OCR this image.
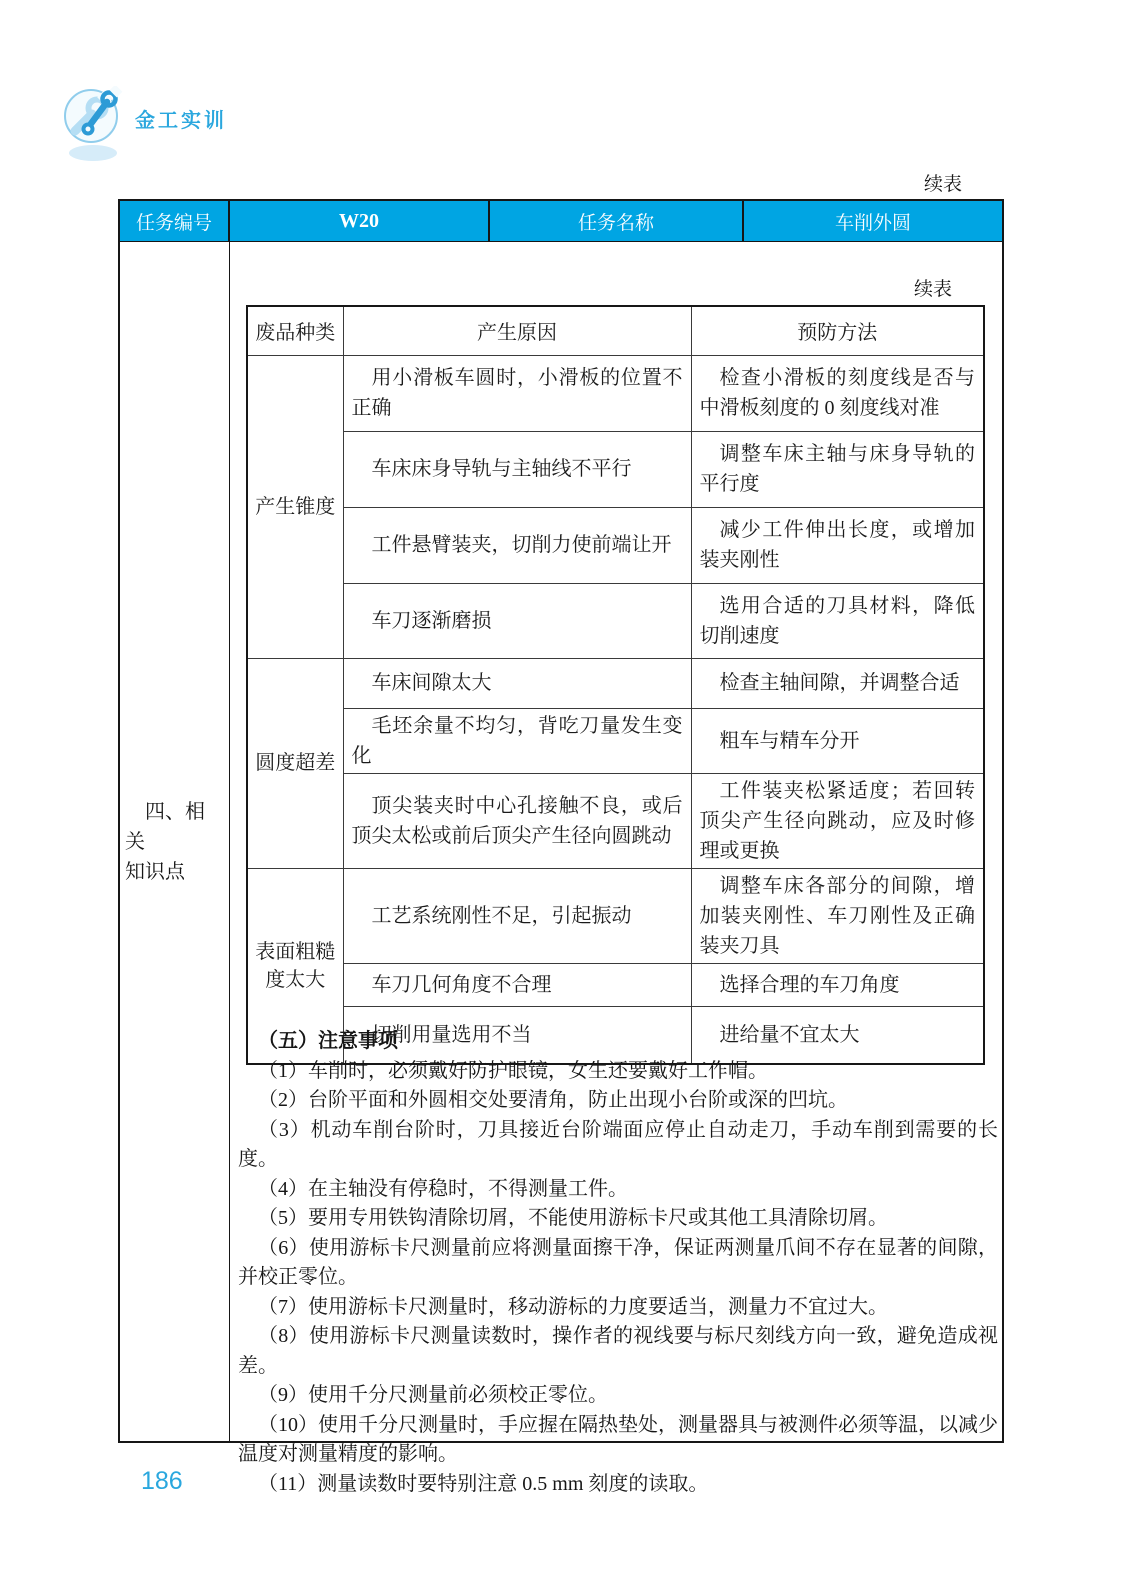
金工实训
续表
任务编号	W20	任务名称	车削外圆
四、相关
知识点
续表
废品种类	产生原因	预防方法
产生锥度	用小滑板车圆时，小滑板的位置不正确	检查小滑板的刻度线是否与中滑板刻度的 0 刻度线对准

	车床床身导轨与主轴线不平行	调整车床主轴与床身导轨的平行度

	工件悬臂装夹，切削力使前端让开	减少工件伸出长度，或增加装夹刚性

	车刀逐渐磨损	选用合适的刀具材料，降低切削速度

圆度超差	车床间隙太大	检查主轴间隙，并调整合适

	毛坯余量不均匀，背吃刀量发生变化	粗车与精车分开

	顶尖装夹时中心孔接触不良，或后顶尖太松或前后顶尖产生径向圆跳动	工件装夹松紧适度；若回转顶尖产生径向跳动，应及时修理或更换

表面粗糙度太大	工艺系统刚性不足，引起振动	调整车床各部分的间隙，增加装夹刚性、车刀刚性及正确装夹刀具

	车刀几何角度不合理	选择合理的车刀角度

	切削用量选用不当	进给量不宜太大

（五）注意事项

（1）车削时，必须戴好防护眼镜，女生还要戴好工作帽。

（2）台阶平面和外圆相交处要清角，防止出现小台阶或深的凹坑。

（3）机动车削台阶时，刀具接近台阶端面应停止自动走刀，手动车削到需要的长度。

（4）在主轴没有停稳时，不得测量工件。

（5）要用专用铁钩清除切屑，不能使用游标卡尺或其他工具清除切屑。

（6）使用游标卡尺测量前应将测量面擦干净，保证两测量爪间不存在显著的间隙，并校正零位。

（7）使用游标卡尺测量时，移动游标的力度要适当，测量力不宜过大。

（8）使用游标卡尺测量读数时，操作者的视线要与标尺刻线方向一致，避免造成视差。

（9）使用千分尺测量前必须校正零位。

（10）使用千分尺测量时，手应握在隔热垫处，测量器具与被测件必须等温，以减少温度对测量精度的影响。

（11）测量读数时要特别注意 0.5 mm 刻度的读取。

186
